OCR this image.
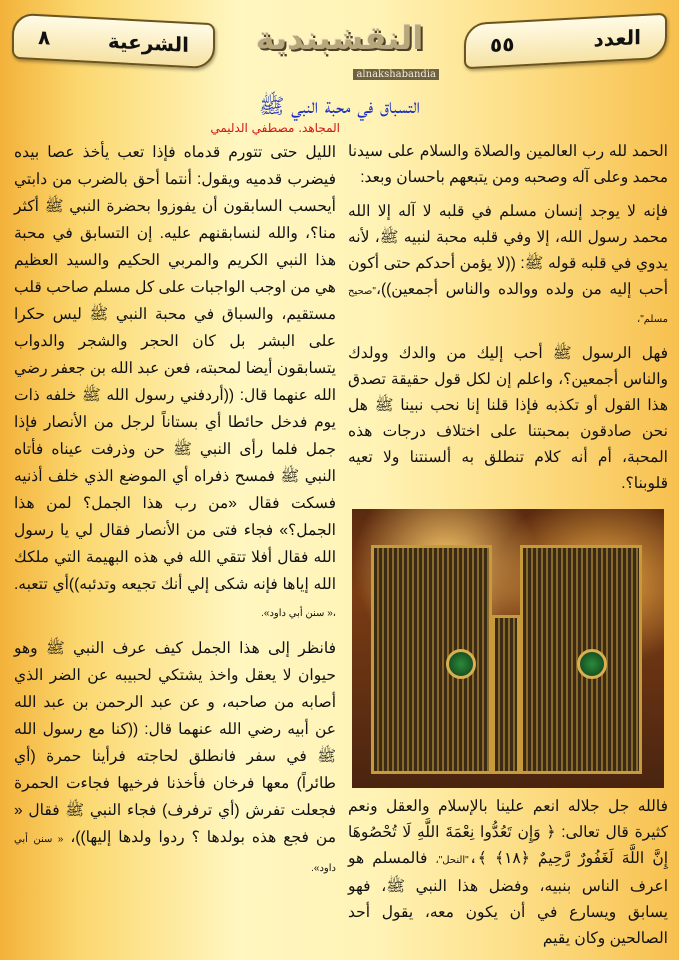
العدد
٥٥
النقشبندية
alnakshabandia
الشرعية
٨
التسباق في محبة النبي ﷺ
المجاهد. مصطفي الدليمي

الحمد لله رب العالمين والصلاة والسلام على سيدنا محمد وعلى آله وصحبه ومن يتبعهم باحسان وبعد:

فإنه لا يوجد إنسان مسلم في قلبه لا آله إلا الله محمد رسول الله، إلا وفي قلبه محبة لنبيه ﷺ، لأنه يدوي في قلبه قوله ﷺ: ((لا يؤمن أحدكم حتى أكون أحب إليه من ولده ووالده والناس أجمعين))،"صحيح مسلم"،

فهل الرسول ﷺ أحب إليك من والدك وولدك والناس أجمعين؟، واعلم إن لكل قول حقيقة تصدق هذا القول أو تكذبه فإذا قلنا إنا نحب نبينا ﷺ هل نحن صادقون بمحبتنا على اختلاف درجات هذه المحبة، أم أنه كلام تنطلق به ألسنتنا ولا تعيه قلوبنا؟.

فالله جل جلاله انعم علينا بالإسلام والعقل ونعم كثيرة قال تعالى: ﴿ وَإِن تَعُدُّوا نِعْمَةَ اللَّهِ لَا تُحْصُوهَا إِنَّ اللَّهَ لَغَفُورٌ رَّحِيمٌ ﴿١٨﴾ ﴾،"النحل"، فالمسلم هو اعرف الناس بنبيه، وفضل هذا النبي ﷺ، فهو يسابق ويسارع في أن يكون معه، يقول أحد الصالحين وكان يقيم

الليل حتى تتورم قدماه فإذا تعب يأخذ عصا بيده فيضرب قدميه ويقول: أنتما أحق بالضرب من دابتي أيحسب السابقون أن يفوزوا بحضرة النبي ﷺ أكثر منا؟، والله لنسابقنهم عليه. إن التسابق في محبة هذا النبي الكريم والمربي الحكيم والسيد العظيم هي من اوجب الواجبات على كل مسلم صاحب قلب مستقيم، والسباق في محبة النبي ﷺ ليس حكرا على البشر بل كان الحجر والشجر والدواب يتسابقون أيضا لمحبته، فعن عبد الله بن جعفر رضي الله عنهما قال: ((أردفني رسول الله ﷺ خلفه ذات يوم فدخل حائطا أي بستاناً لرجل من الأنصار فإذا جمل فلما رأى النبي ﷺ حن وذرفت عيناه فأتاه النبي ﷺ فمسح ذفراه أي الموضع الذي خلف أذنيه فسكت فقال «من رب هذا الجمل؟ لمن هذا الجمل؟» فجاء فتى من الأنصار فقال لي يا رسول الله فقال أفلا تتقي الله في هذه البهيمة التي ملكك الله إياها فإنه شكى إلي أنك تجيعه وتدئبه))أي تتعبه. ،« سنن أبي داود».

فانظر إلى هذا الجمل كيف عرف النبي ﷺ وهو حيوان لا يعقل واخذ يشتكي لحبيبه عن الضر الذي أصابه من صاحبه، و عن عبد الرحمن بن عبد الله عن أبيه رضي الله عنهما قال: ((كنا مع رسول الله ﷺ في سفر فانطلق لحاجته فرأينا حمرة (أي طائراً) معها فرخان فأخذنا فرخيها فجاءت الحمرة فجعلت تفرش (أي ترفرف) فجاء النبي ﷺ فقال « من فجع هذه بولدها ؟ ردوا ولدها إليها))، « سنن أبي داود».
